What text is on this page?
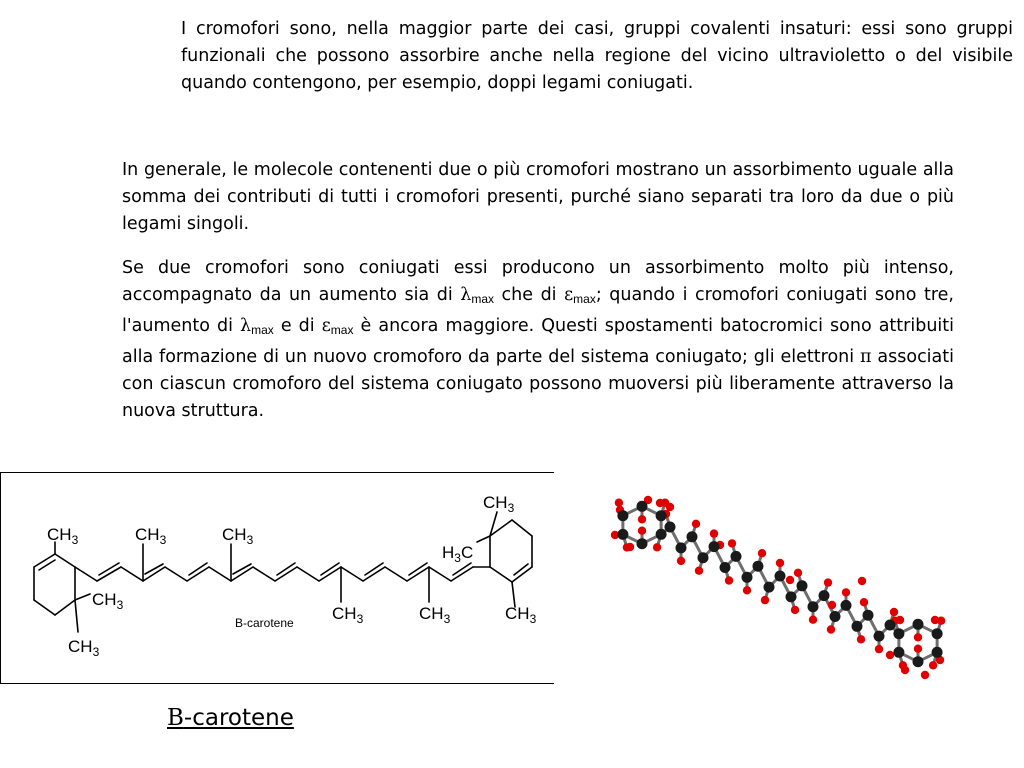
I cromofori sono, nella maggior parte dei casi, gruppi covalenti insaturi: essi sono gruppi funzionali che possono assorbire anche nella regione del vicino ultravioletto o del visibile quando contengono, per esempio, doppi legami coniugati.

In generale, le molecole contenenti due o più cromofori mostrano un assorbimento uguale alla somma dei contributi di tutti i cromofori presenti, purché siano separati tra loro da due o più legami singoli.

Se due cromofori sono coniugati essi producono un assorbimento molto più intenso, accompagnato da un aumento sia di $\lambda_{max}$ che di $\varepsilon_{max}$; quando i cromofori coniugati sono tre, l'aumento di $\lambda_{max}$ e di $\varepsilon_{max}$ è ancora maggiore. Questi spostamenti batocromici sono attribuiti alla formazione di un nuovo cromoforo da parte del sistema coniugato; gli elettroni π associati con ciascun cromoforo del sistema coniugato possono muoversi più liberamente attraverso la nuova struttura.

$CH_3$	$CH_3$	$CH_3$
$CH_3$
$CH_3$
$CH_3$	$CH_3$	$CH_3$
$CH_3$
$H_3C$
B-carotene
B-carotene
